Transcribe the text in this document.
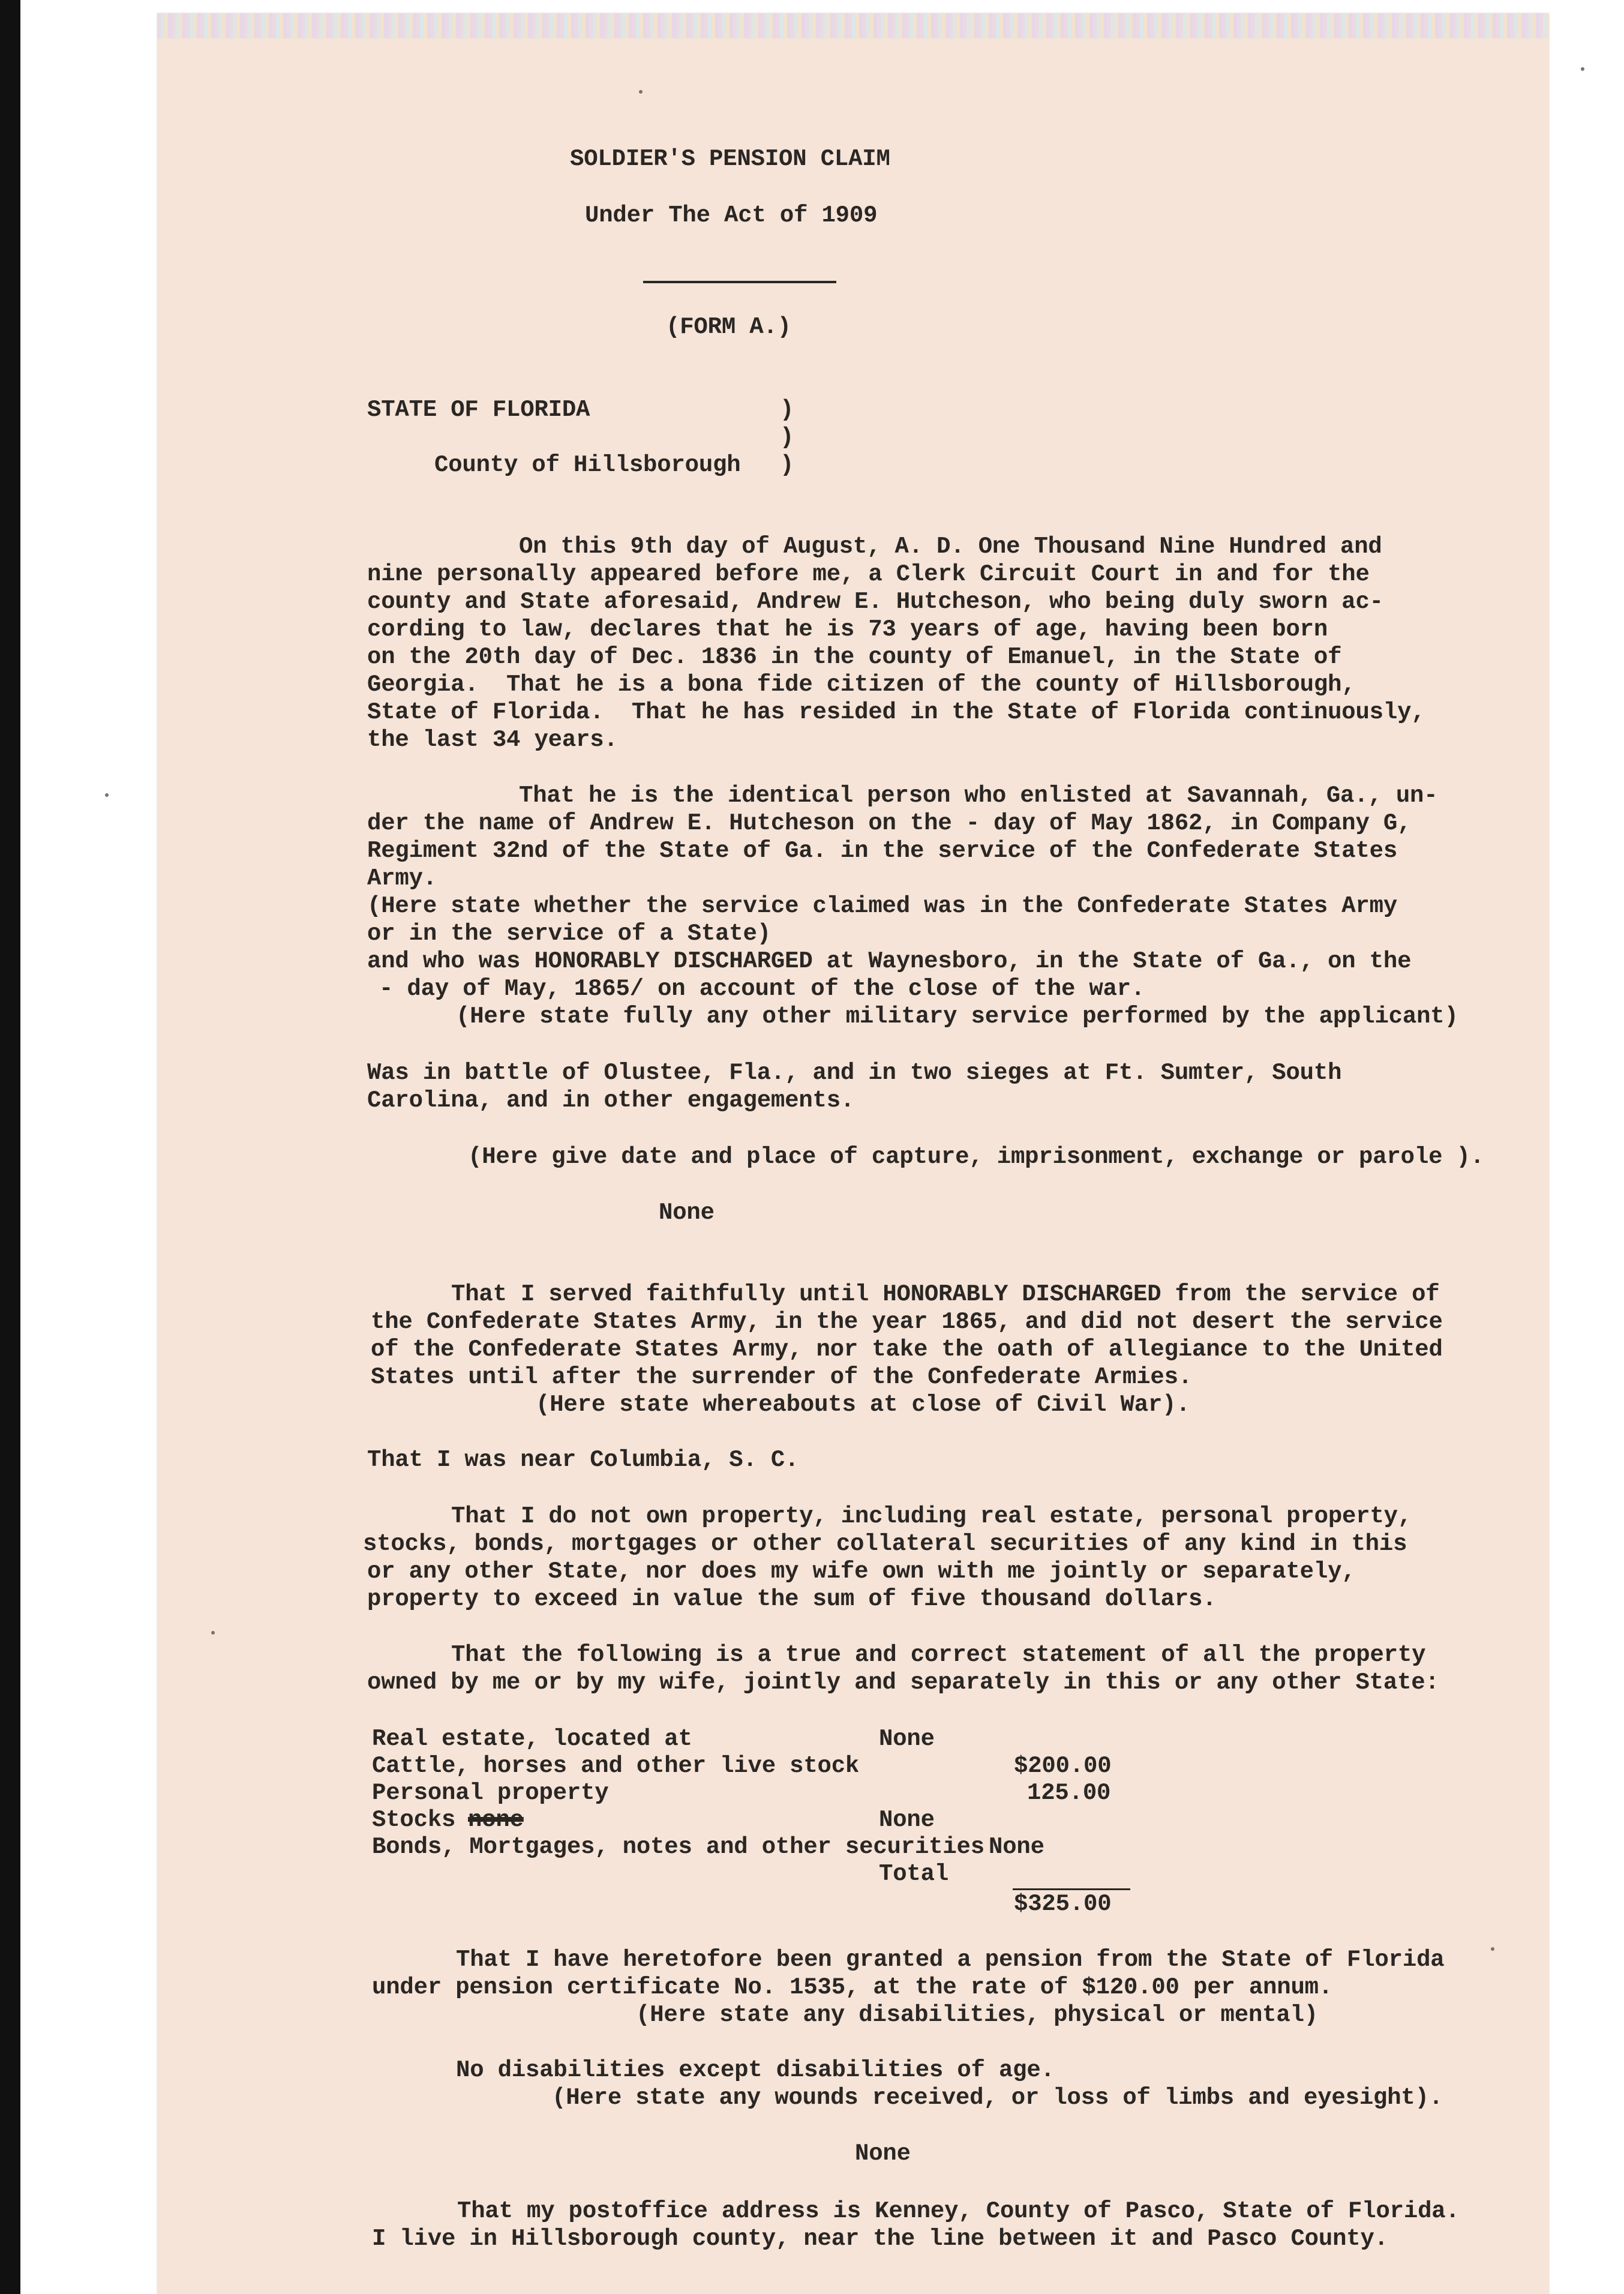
SOLDIER'S PENSION CLAIM
Under The Act of 1909
(FORM A.)
STATE OF FLORIDA	)
)
County of Hillsborough )
On this 9th day of August, A. D. One Thousand Nine Hundred and
nine personally appeared before me, a Clerk Circuit Court in and for the
county and State aforesaid, Andrew E. Hutcheson, who being duly sworn ac-
cording to law, declares that he is 73 years of age, having been born
on the 20th day of Dec. 1836 in the county of Emanuel, in the State of
Georgia.  That he is a bona fide citizen of the county of Hillsborough,
State of Florida.  That he has resided in the State of Florida continuously,
the last 34 years.
That he is the identical person who enlisted at Savannah, Ga., un-
der the name of Andrew E. Hutcheson on the - day of May 1862, in Company G,
Regiment 32nd of the State of Ga. in the service of the Confederate States
Army.
(Here state whether the service claimed was in the Confederate States Army
or in the service of a State)
and who was HONORABLY DISCHARGED at Waynesboro, in the State of Ga., on the
- day of May, 1865/ on account of the close of the war.
(Here state fully any other military service performed by the applicant)
Was in battle of Olustee, Fla., and in two sieges at Ft. Sumter, South
Carolina, and in other engagements.
(Here give date and place of capture, imprisonment, exchange or parole ).
None
That I served faithfully until HONORABLY DISCHARGED from the service of
the Confederate States Army, in the year 1865, and did not desert the service
of the Confederate States Army, nor take the oath of allegiance to the United
States until after the surrender of the Confederate Armies.
(Here state whereabouts at close of Civil War).
That I was near Columbia, S. C.
That I do not own property, including real estate, personal property,
stocks, bonds, mortgages or other collateral securities of any kind in this
or any other State, nor does my wife own with me jointly or separately,
property to exceed in value the sum of five thousand dollars.
That the following is a true and correct statement of all the property
owned by me or by my wife, jointly and separately in this or any other State:
Real estate, located at	None
Cattle, horses and other live stock	$200.00
Personal property	125.00
Stocks none	None
Bonds, Mortgages, notes and other securities None
Total
$325.00
That I have heretofore been granted a pension from the State of Florida
under pension certificate No. 1535, at the rate of $120.00 per annum.
(Here state any disabilities, physical or mental)
No disabilities except disabilities of age.
(Here state any wounds received, or loss of limbs and eyesight).
None
That my postoffice address is Kenney, County of Pasco, State of Florida.
I live in Hillsborough county, near the line between it and Pasco County.
